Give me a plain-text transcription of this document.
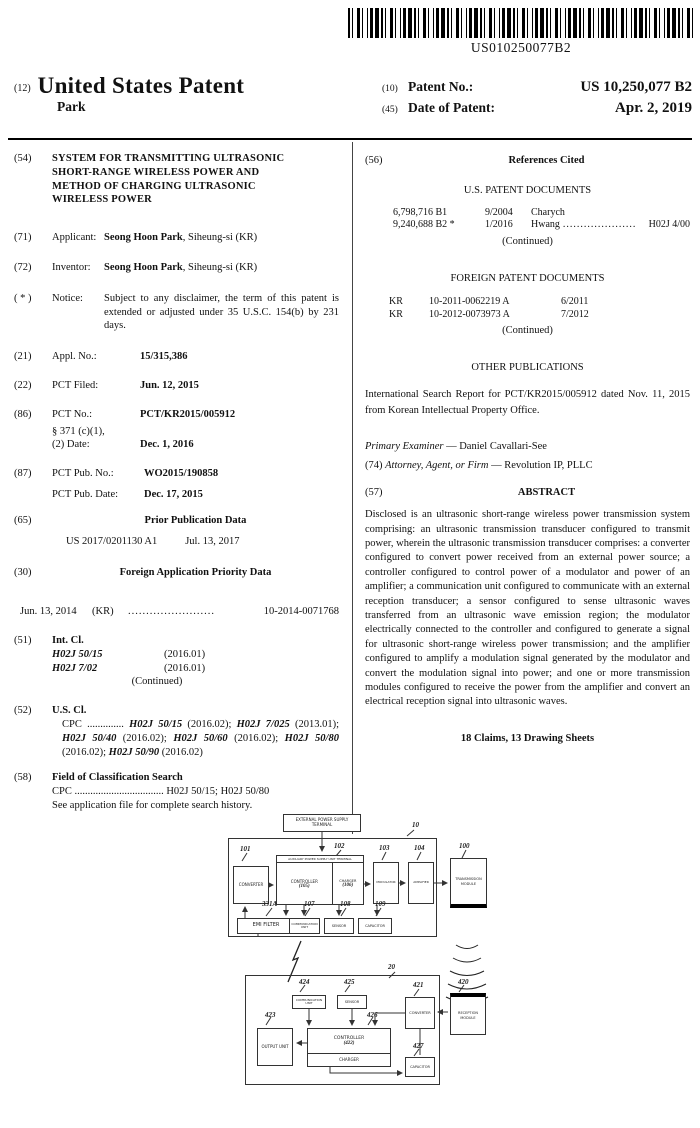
US010250077B2
(12) United States Patent
Park
(10) Patent No.:	US 10,250,077 B2
(45) Date of Patent:	Apr. 2, 2019
(54)	SYSTEM FOR TRANSMITTING ULTRASONIC SHORT-RANGE WIRELESS POWER AND METHOD OF CHARGING ULTRASONIC WIRELESS POWER
(71)	Applicant: Seong Hoon Park, Siheung-si (KR)
(72)	Inventor:	Seong Hoon Park, Siheung-si (KR)
( * )	Notice:	Subject to any disclaimer, the term of this patent is extended or adjusted under 35 U.S.C. 154(b) by 231 days.
(21)	Appl. No.:	15/315,386
(22)	PCT Filed:	Jun. 12, 2015
(86)	PCT No.:	PCT/KR2015/005912
§ 371 (c)(1),
(2) Date:	Dec. 1, 2016
(87)	PCT Pub. No.:	WO2015/190858
PCT Pub. Date:	Dec. 17, 2015
(65)	Prior Publication Data
US 2017/0201130 A1	Jul. 13, 2017
(30)	Foreign Application Priority Data
Jun. 13, 2014	(KR)	........................	10-2014-0071768
(51)	Int. Cl.
H02J 50/15	(2016.01)
H02J 7/02	(2016.01)
(Continued)
(52)	U.S. Cl.
CPC .............. H02J 50/15 (2016.02); H02J 7/025 (2013.01); H02J 50/40 (2016.02); H02J 50/60 (2016.02); H02J 50/80 (2016.02); H02J 50/90 (2016.02)
(58)	Field of Classification Search
CPC .................................. H02J 50/15; H02J 50/80
See application file for complete search history.
(56)	References Cited
U.S. PATENT DOCUMENTS
6,798,716 B1	9/2004	Charych
9,240,688 B2 *	1/2016	Hwang .....................	H02J 4/00
(Continued)
FOREIGN PATENT DOCUMENTS
KR	10-2011-0062219 A	6/2011
KR	10-2012-0073973 A	7/2012
(Continued)
OTHER PUBLICATIONS
International Search Report for PCT/KR2015/005912 dated Nov. 11, 2015 from Korean Intellectual Property Office.
Primary Examiner — Daniel Cavallari-See
(74) Attorney, Agent, or Firm — Revolution IP, PLLC
(57)	ABSTRACT
Disclosed is an ultrasonic short-range wireless power transmission system comprising: an ultrasonic transmission transducer configured to transmit power, wherein the ultrasonic transmission transducer comprises: a converter configured to convert power received from an external power source; a controller configured to control power of a modulator and power of an amplifier; a communication unit configured to communicate with an external reception transducer; a sensor configured to sense ultrasonic waves transferred from an ultrasonic wave emission region; the modulator electrically connected to the controller and configured to generate a signal for ultrasonic short-range wireless power transmission; and the amplifier configured to amplify a modulation signal generated by the modulator and convert the modulation signal into power; and one or more transmission modules configured to receive the power from the amplifier and convert an electrical reception signal into ultrasonic waves.
18 Claims, 13 Drawing Sheets
EXTERNAL POWER SUPPLY TERMINAL	10
101
CONVERTER
102
AUXILIARY POWER SUPPLY UNIT TERMINAL
CONTROLLER
(105)
CHARGER
(106)
103
MODULATOR
104
AMPLIFIER
100
TRANSMISSION MODULE
331A
EMI FILTER
107
COMMUNICATION UNIT
108
SENSOR
109
CAPACITOR
20
424
COMMUNICATION UNIT
425
SENSOR
421
CONVERTER
420
RECEPTION MODULE
423
OUTPUT UNIT
426
CONTROLLER
(422)
CHARGER
427
CAPACITOR
